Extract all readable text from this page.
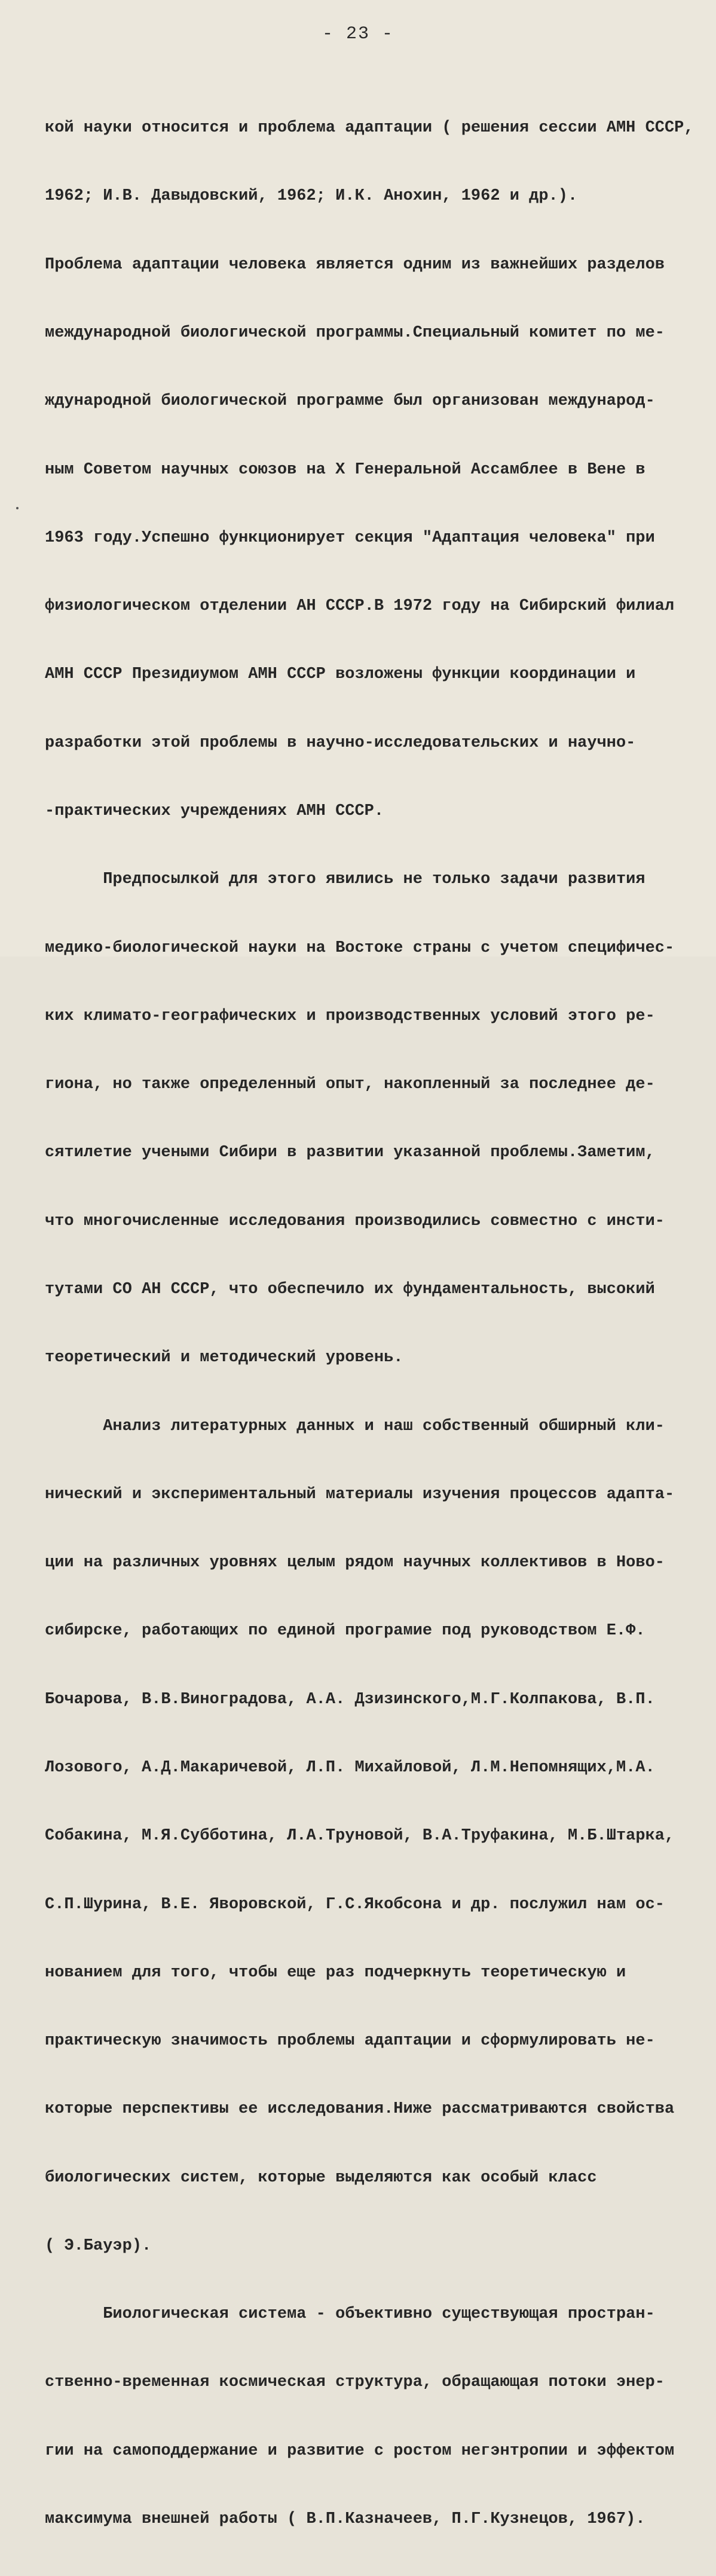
- 23 -

кой науки относится и проблема адаптации ( решения сессии АМН СССР,

1962; И.В. Давыдовский, 1962; И.К. Анохин, 1962 и др.).

Проблема адаптации человека является одним из важнейших разделов

международной биологической программы.Специальный комитет по ме-

ждународной биологической программе был организован международ-

ным Советом научных союзов на X Генеральной Ассамблее в Вене в

1963 году.Успешно функционирует секция "Адаптация человека" при

физиологическом отделении АН СССР.В 1972 году на Сибирский филиал

АМН СССР Президиумом АМН СССР возложены функции координации и

разработки этой проблемы в научно-исследовательских и научно-

-практических учреждениях АМН СССР.

Предпосылкой для этого явились не только задачи развития

медико-биологической науки на Востоке страны с учетом специфичес-

ких климато-географических и производственных условий этого ре-

гиона, но также определенный опыт, накопленный за последнее де-

сятилетие учеными Сибири в развитии указанной проблемы.Заметим,

что многочисленные исследования производились совместно с инсти-

тутами СО АН СССР, что обеспечило их фундаментальность, высокий

теоретический и методический уровень.

Анализ литературных данных и наш собственный обширный кли-

нический и экспериментальный материалы изучения процессов адапта-

ции на различных уровнях целым рядом научных коллективов в Ново-

сибирске, работающих по единой програмие под руководством Е.Ф.

Бочарова, В.В.Виноградова, А.А. Дзизинского,М.Г.Колпакова, В.П.

Лозового, А.Д.Макаричевой, Л.П. Михайловой, Л.М.Непомнящих,М.А.

Собакина, М.Я.Субботина, Л.А.Труновой, В.А.Труфакина, М.Б.Штарка,

С.П.Шурина, В.Е. Яворовской, Г.С.Якобсона и др. послужил нам ос-

нованием для того, чтобы еще раз подчеркнуть теоретическую и

практическую значимость проблемы адаптации и сформулировать не-

которые перспективы ее исследования.Ниже рассматриваются свойства

биологических систем, которые выделяются как особый класс

( Э.Бауэр).

Биологическая система - объективно существующая простран-

ственно-временная космическая структура, обращающая потоки энер-

гии на самоподдержание и развитие с ростом негэнтропии и эффектом

максимума внешней работы ( В.П.Казначеев, П.Г.Кузнецов, 1967).
